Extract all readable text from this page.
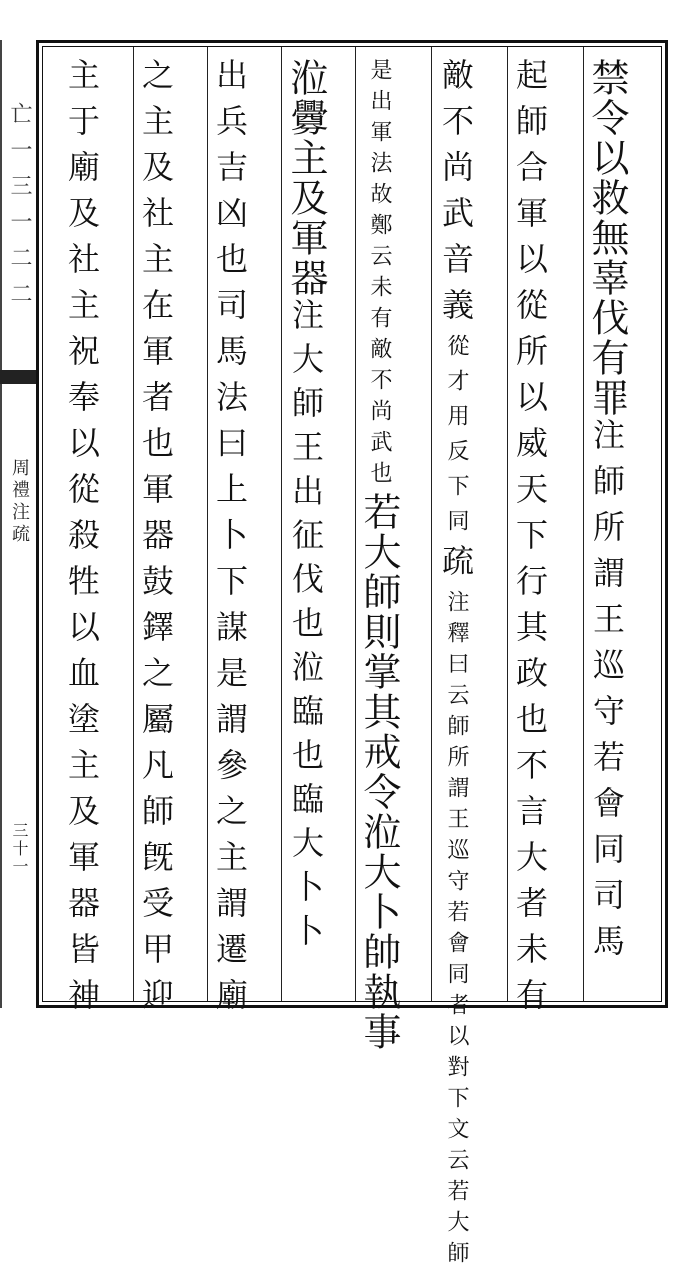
亡一三一二二
周禮注疏
三十一
禁令以救無辜伐有罪注師所謂王巡守若會同司馬
起師合軍以從所以威天下行其政也不言大者未有
敵不尚武音義從才用反下同疏注釋曰云師所謂王巡守若會同者以對下文云若大師
是出軍法故鄭云未有敵不尚武也若大師則掌其戒令涖大卜帥執事
涖釁主及軍器注大師王出征伐也涖臨也臨大卜卜
出兵吉凶也司馬法曰上卜下謀是謂參之主謂遷廟
之主及社主在軍者也軍器鼓鐸之屬凡師旣受甲迎
主于廟及社主祝奉以從殺牲以血塗主及軍器皆神
